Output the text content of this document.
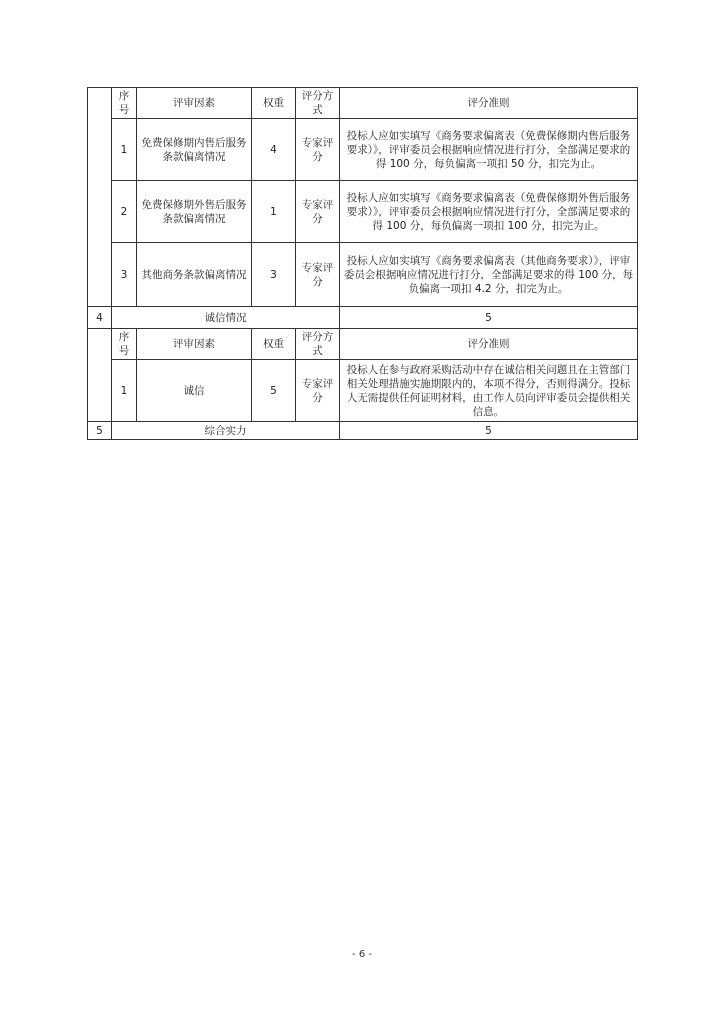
	序号	评审因素	权重	评分方式	评分准则
	1	免费保修期内售后服务条款偏离情况	4	专家评分	投标人应如实填写《商务要求偏离表（免费保修期内售后服务要求）》，评审委员会根据响应情况进行打分，全部满足要求的得 100 分，每负偏离一项扣 50 分，扣完为止。
	2	免费保修期外售后服务条款偏离情况	1	专家评分	投标人应如实填写《商务要求偏离表（免费保修期外售后服务要求）》，评审委员会根据响应情况进行打分，全部满足要求的得 100 分，每负偏离一项扣 100 分，扣完为止。
	3	其他商务条款偏离情况	3	专家评分	投标人应如实填写《商务要求偏离表（其他商务要求）》，评审委员会根据响应情况进行打分，全部满足要求的得 100 分，每负偏离一项扣 4.2 分，扣完为止。
4	诚信情况				5
	序号	评审因素	权重	评分方式	评分准则
	1	诚信	5	专家评分	投标人在参与政府采购活动中存在诚信相关问题且在主管部门相关处理措施实施期限内的，本项不得分，否则得满分。投标人无需提供任何证明材料，由工作人员向评审委员会提供相关信息。
5	综合实力				5
- 6 -
